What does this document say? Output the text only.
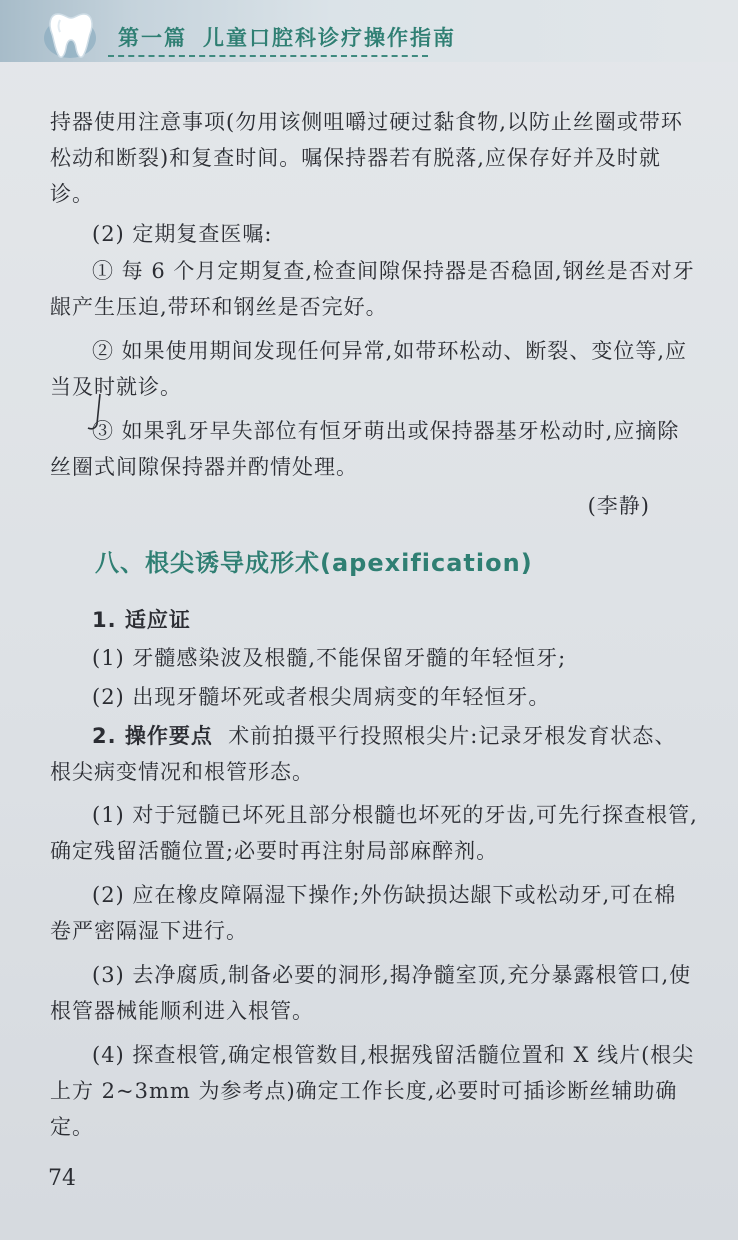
第一篇 儿童口腔科诊疗操作指南

持器使用注意事项(勿用该侧咀嚼过硬过黏食物,以防止丝圈或带环松动和断裂)和复查时间。嘱保持器若有脱落,应保存好并及时就诊。

(2) 定期复查医嘱:

① 每 6 个月定期复查,检查间隙保持器是否稳固,钢丝是否对牙龈产生压迫,带环和钢丝是否完好。

② 如果使用期间发现任何异常,如带环松动、断裂、变位等,应当及时就诊。

③ 如果乳牙早失部位有恒牙萌出或保持器基牙松动时,应摘除丝圈式间隙保持器并酌情处理。

(李静)
八、根尖诱导成形术(apexification)

1. 适应证

(1) 牙髓感染波及根髓,不能保留牙髓的年轻恒牙;

(2) 出现牙髓坏死或者根尖周病变的年轻恒牙。

2. 操作要点 术前拍摄平行投照根尖片:记录牙根发育状态、根尖病变情况和根管形态。

(1) 对于冠髓已坏死且部分根髓也坏死的牙齿,可先行探查根管,确定残留活髓位置;必要时再注射局部麻醉剂。

(2) 应在橡皮障隔湿下操作;外伤缺损达龈下或松动牙,可在棉卷严密隔湿下进行。

(3) 去净腐质,制备必要的洞形,揭净髓室顶,充分暴露根管口,使根管器械能顺利进入根管。

(4) 探查根管,确定根管数目,根据残留活髓位置和 X 线片(根尖上方 2~3mm 为参考点)确定工作长度,必要时可插诊断丝辅助确定。

74
